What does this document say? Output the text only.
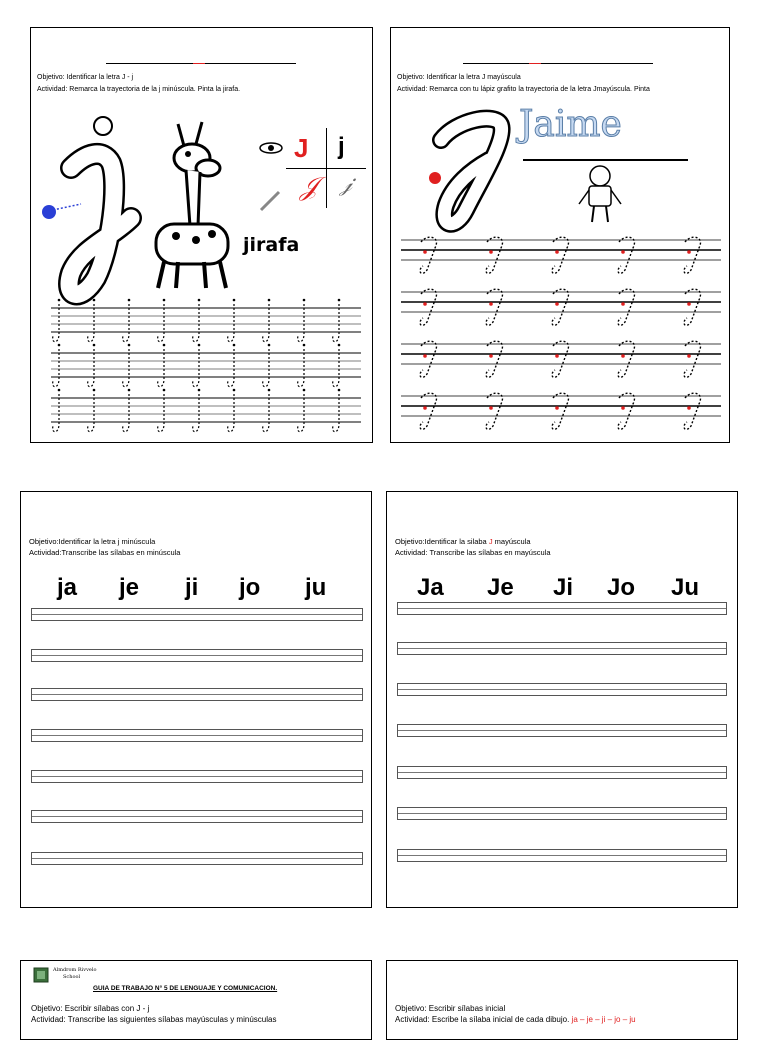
Objetivo: Identificar la letra J - j
Actividad: Remarca la trayectoria de la j minúscula. Pinta la jirafa.
J j
𝒥 𝒿
jirafa
Objetivo: Identificar la letra J mayúscula
Actividad: Remarca con tu lápiz grafito la trayectoria de la letra Jmayúscula. Pinta
Jaime
Objetivo:Identificar la letra j minúscula
Actividad:Transcribe las sílabas en minúscula
ja je ji jo ju
Objetivo:Identificar la silaba J mayúscula
Actividad: Transcribe las sílabas en mayúscula
Ja Je Ji Jo Ju
Almdrom Rivvelo
School
GUIA DE TRABAJO N° 5 DE LENGUAJE Y COMUNICACION.
Objetivo: Escribir sílabas con J - j
Actividad: Transcribe las siguientes sílabas mayúsculas y minúsculas
Objetivo: Escribir sílabas inicial
Actividad: Escribe la sílaba inicial de cada dibujo. ja – je – ji – jo – ju
